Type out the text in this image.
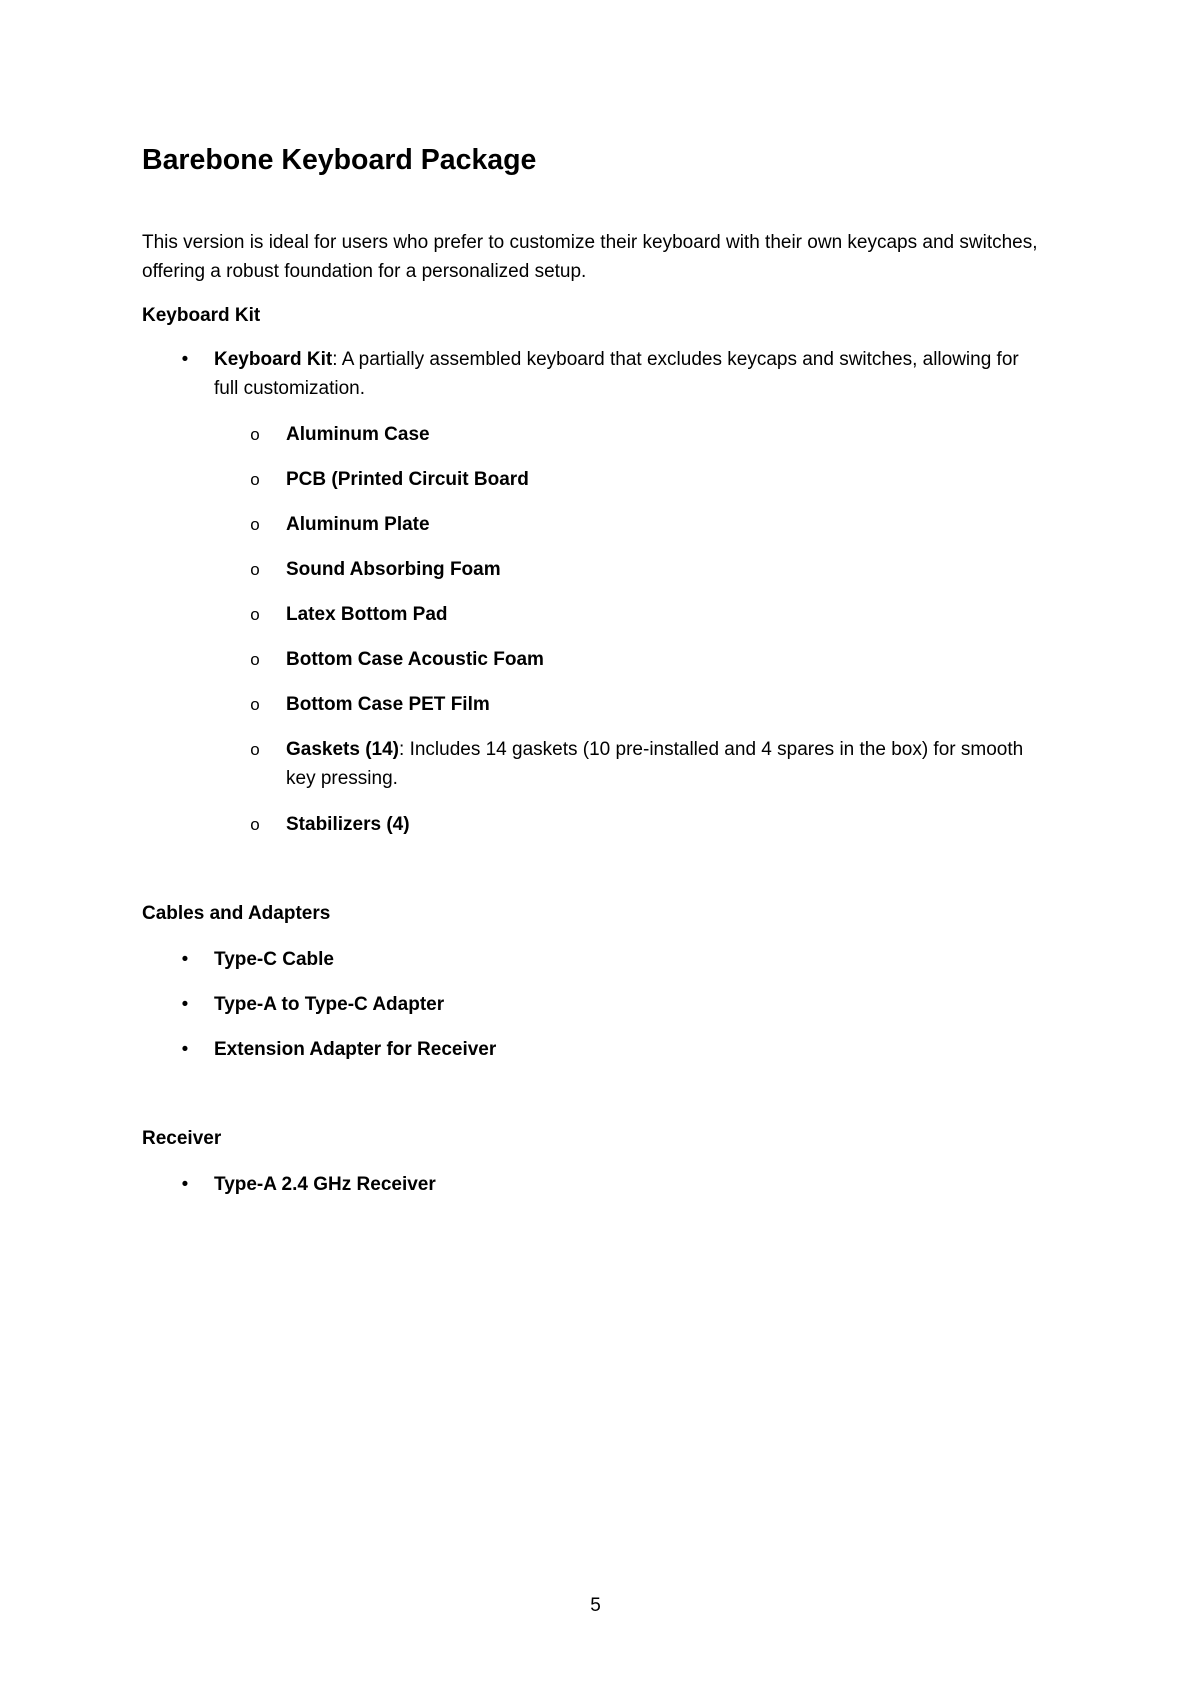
Barebone Keyboard Package

This version is ideal for users who prefer to customize their keyboard with their own keycaps and switches, offering a robust foundation for a personalized setup.

Keyboard Kit
• Keyboard Kit: A partially assembled keyboard that excludes keycaps and switches, allowing for full customization.
o Aluminum Case
o PCB (Printed Circuit Board
o Aluminum Plate
o Sound Absorbing Foam
o Latex Bottom Pad
o Bottom Case Acoustic Foam
o Bottom Case PET Film
o Gaskets (14): Includes 14 gaskets (10 pre-installed and 4 spares in the box) for smooth key pressing.
o Stabilizers (4)
Cables and Adapters
• Type-C Cable
• Type-A to Type-C Adapter
• Extension Adapter for Receiver
Receiver
• Type-A 2.4 GHz Receiver
5
